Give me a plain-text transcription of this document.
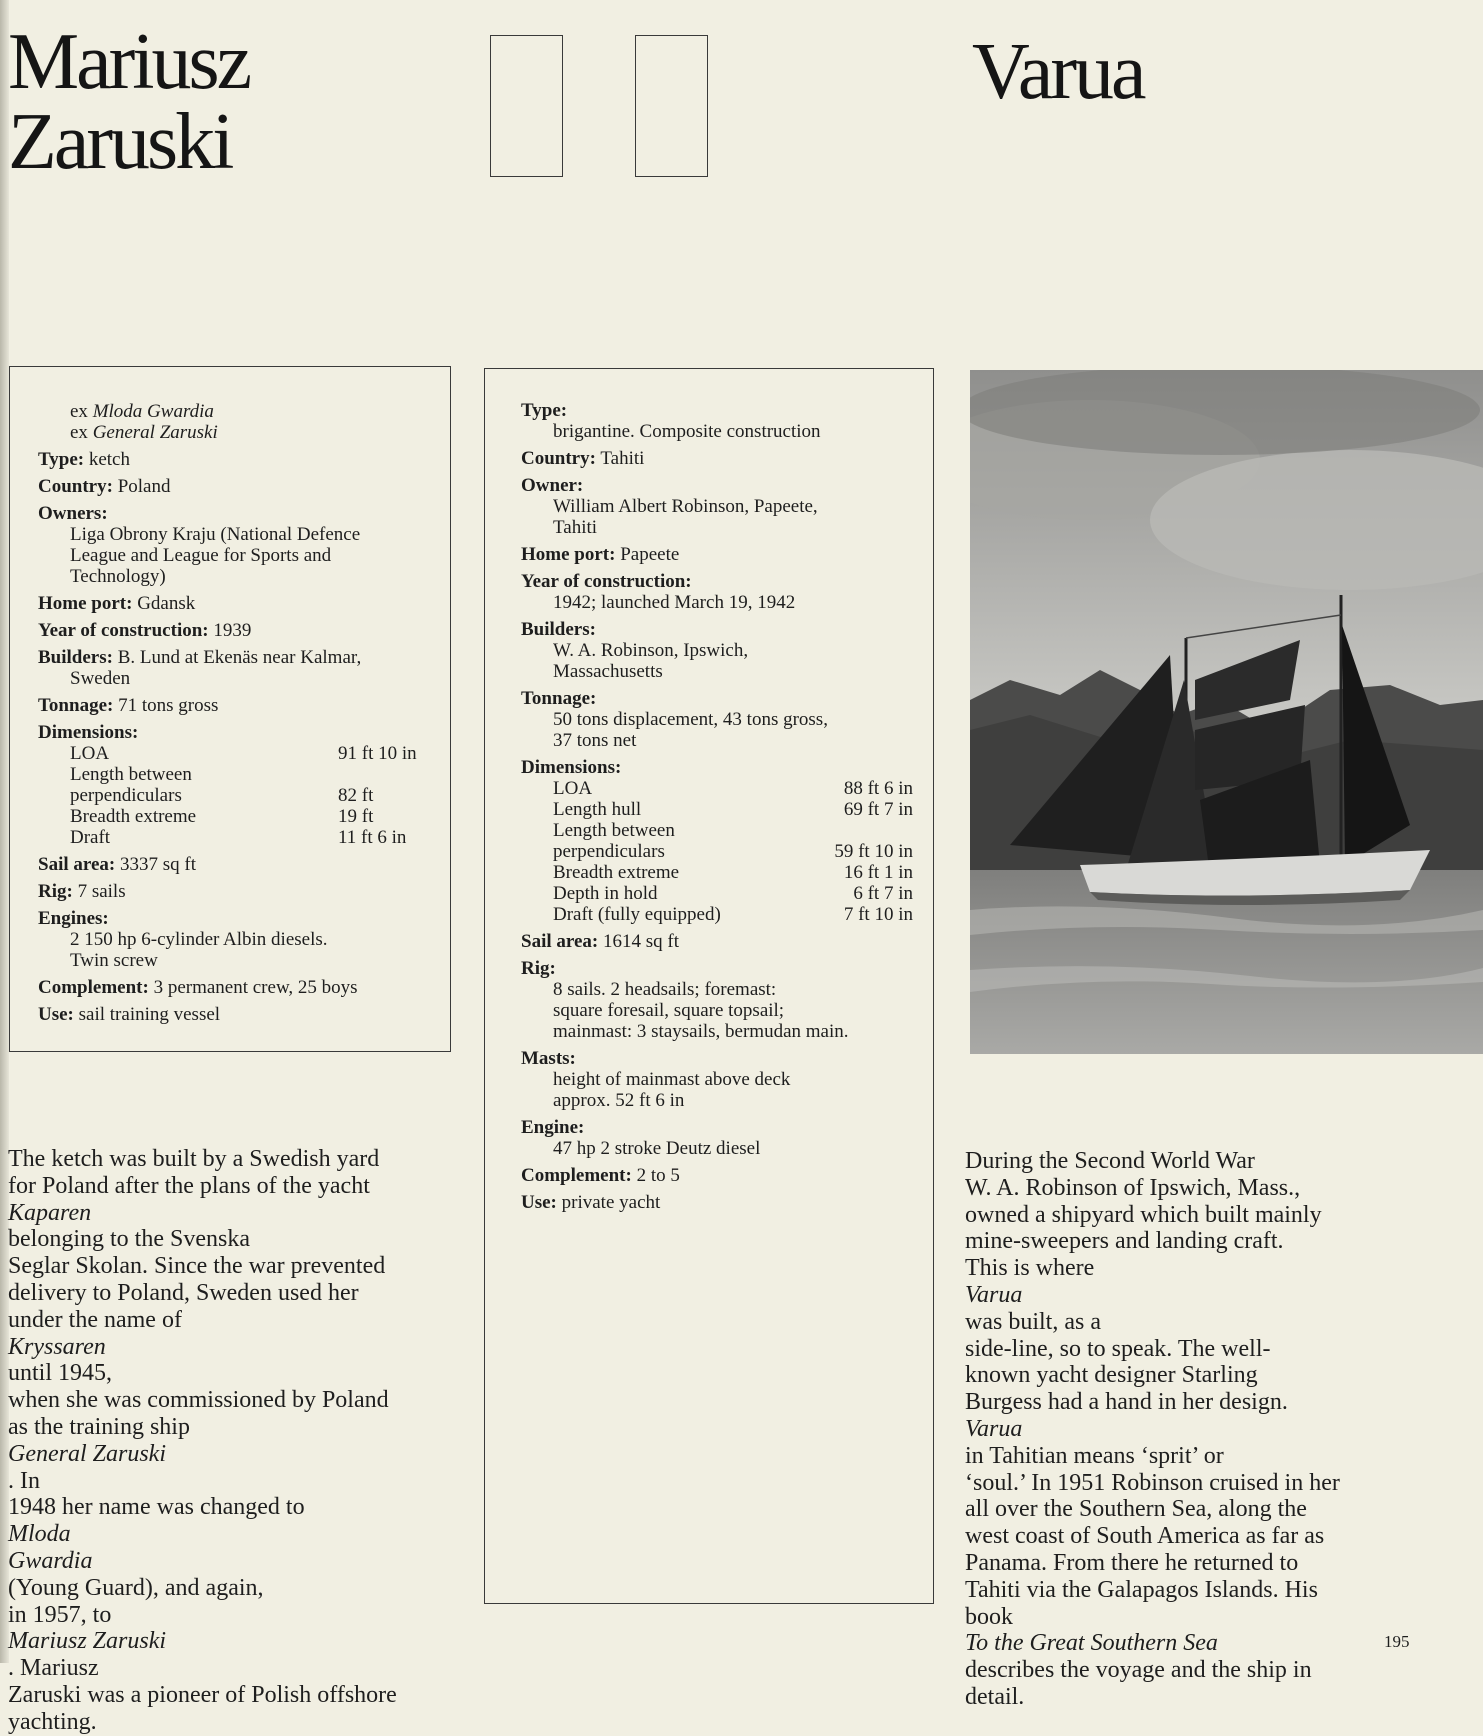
Mariusz
Zaruski
Varua
ex Mloda Gwardia
ex General Zaruski
Type: ketch
Country: Poland
Owners:
Liga Obrony Kraju (National Defence
League and League for Sports and
Technology)
Home port: Gdansk
Year of construction: 1939
Builders: B. Lund at Ekenäs near Kalmar,
Sweden
Tonnage: 71 tons gross
Dimensions:
LOA	91 ft 10 in
Length between
perpendiculars	82 ft
Breadth extreme	19 ft
Draft	11 ft 6 in
Sail area: 3337 sq ft
Rig: 7 sails
Engines:
2 150 hp 6-cylinder Albin diesels.
Twin screw
Complement: 3 permanent crew, 25 boys
Use: sail training vessel
Type:
brigantine. Composite construction
Country: Tahiti
Owner:
William Albert Robinson, Papeete,
Tahiti
Home port: Papeete
Year of construction:
1942; launched March 19, 1942
Builders:
W. A. Robinson, Ipswich,
Massachusetts
Tonnage:
50 tons displacement, 43 tons gross,
37 tons net
Dimensions:
LOA	88 ft 6 in
Length hull	69 ft 7 in
Length between
perpendiculars	59 ft 10 in
Breadth extreme	16 ft 1 in
Depth in hold	6 ft 7 in
Draft (fully equipped)	7 ft 10 in
Sail area: 1614 sq ft
Rig:
8 sails. 2 headsails; foremast:
square foresail, square topsail;
mainmast: 3 staysails, bermudan main.
Masts:
height of mainmast above deck
approx. 52 ft 6 in
Engine:
47 hp 2 stroke Deutz diesel
Complement: 2 to 5
Use: private yacht

The ketch was built by a Swedish yard
for Poland after the plans of the yacht
Kaparen
belonging to the Svenska
Seglar Skolan. Since the war prevented
delivery to Poland, Sweden used her
under the name of
Kryssaren
until 1945,
when she was commissioned by Poland
as the training ship
General Zaruski
. In
1948 her name was changed to
Mloda
Gwardia
(Young Guard), and again,
in 1957, to
Mariusz Zaruski
. Mariusz
Zaruski was a pioneer of Polish offshore
yachting.

During the Second World War
W. A. Robinson of Ipswich, Mass.,
owned a shipyard which built mainly
mine-sweepers and landing craft.
This is where
Varua
was built, as a
side-line, so to speak. The well-
known yacht designer Starling
Burgess had a hand in her design.
Varua
in Tahitian means ‘sprit’ or
‘soul.’ In 1951 Robinson cruised in her
all over the Southern Sea, along the
west coast of South America as far as
Panama. From there he returned to
Tahiti via the Galapagos Islands. His
book
To the Great Southern Sea
describes the voyage and the ship in
detail.

195
